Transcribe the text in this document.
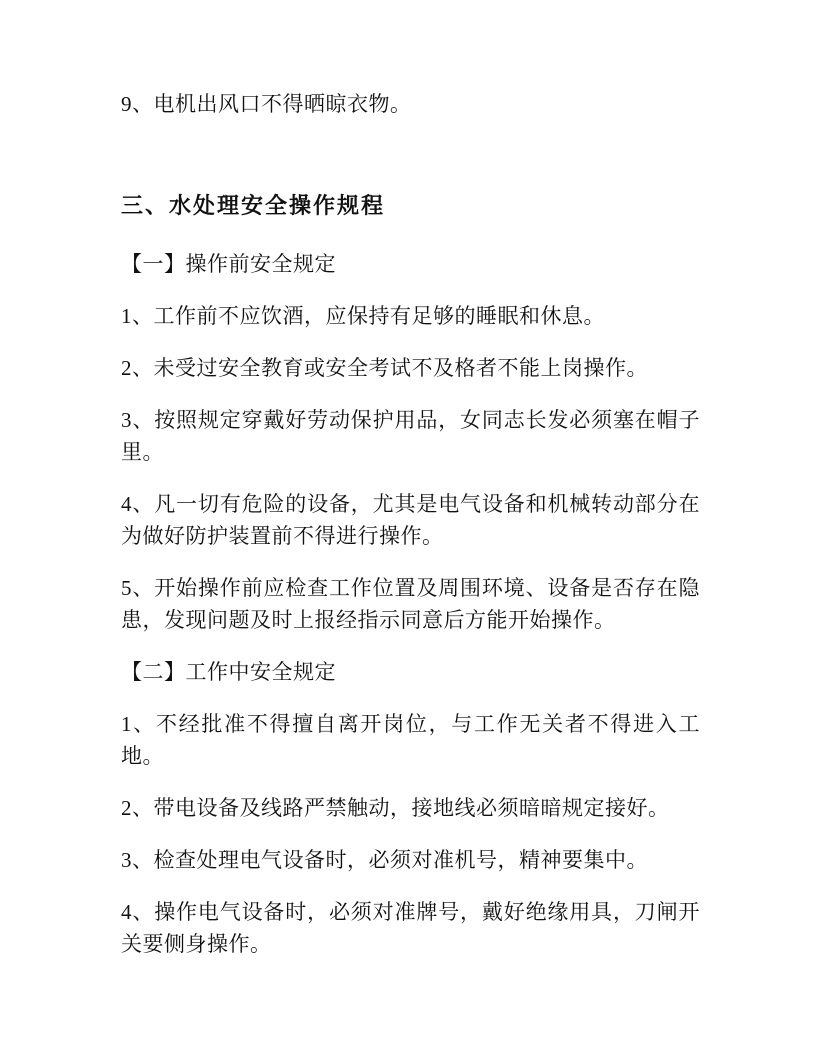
9、电机出风口不得晒晾衣物。

三、水处理安全操作规程

【一】操作前安全规定

1、工作前不应饮酒，应保持有足够的睡眠和休息。

2、未受过安全教育或安全考试不及格者不能上岗操作。

3、按照规定穿戴好劳动保护用品，女同志长发必须塞在帽子里。

4、凡一切有危险的设备，尤其是电气设备和机械转动部分在为做好防护装置前不得进行操作。

5、开始操作前应检查工作位置及周围环境、设备是否存在隐患，发现问题及时上报经指示同意后方能开始操作。

【二】工作中安全规定

1、不经批准不得擅自离开岗位，与工作无关者不得进入工地。

2、带电设备及线路严禁触动，接地线必须暗暗规定接好。

3、检查处理电气设备时，必须对准机号，精神要集中。

4、操作电气设备时，必须对准牌号，戴好绝缘用具，刀闸开关要侧身操作。
